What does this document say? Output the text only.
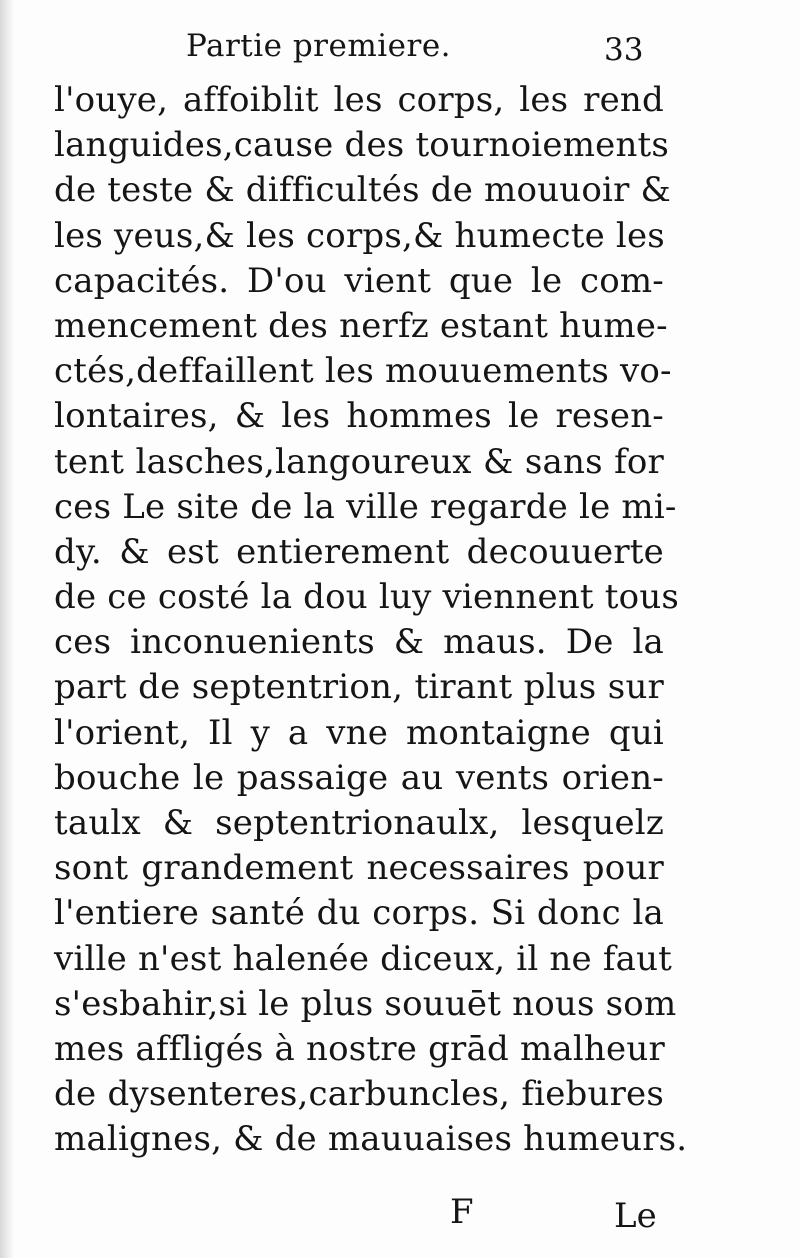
Partie premiere.	33
l'ouye, affoiblit les corps, les rend
languides,cause des tournoiements
de teste & difficultés de mouuoir &
les yeus,& les corps,& humecte les
capacités. D'ou vient que le com-
mencement des nerfz estant hume-
ctés,deffaillent les mouuements vo-
lontaires, & les hommes le resen-
tent lasches,langoureux & sans for
ces Le site de la ville regarde le mi-
dy. & est entierement decouuerte
de ce costé la dou luy viennent tous
ces inconuenients & maus. De la
part de septentrion, tirant plus sur
l'orient, Il y a vne montaigne qui
bouche le passaige au vents orien-
taulx & septentrionaulx, lesquelz
sont grandement necessaires pour
l'entiere santé du corps. Si donc la
ville n'est halenée diceux, il ne faut
s'esbahir,si le plus souuēt nous som
mes affligés à nostre grād malheur
de dysenteres,carbuncles, fiebures
malignes, & de mauuaises humeurs.
F	Le
